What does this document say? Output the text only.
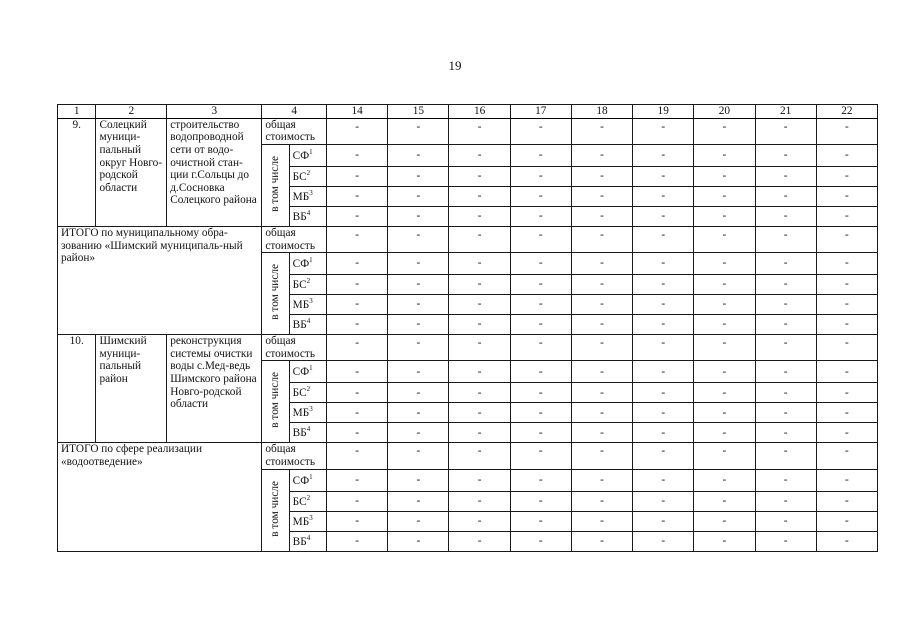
19
1	2	3	4		14	15	16	17	18	19	20	21	22
9.	Солецкий муници-пальный округ Новго-родской области	строительство водопроводной сети от водо-очистной стан-ции г.Сольцы до д.Сосновка Солецкого района	общая стоимость		-	-	-	-	-	-	-	-	-
			в том числе	$СФ^1$	-	-	-	-	-	-	-	-	-
				$БС^2$	-	-	-	-	-	-	-	-	-
				$МБ^3$	-	-	-	-	-	-	-	-	-
				$ВБ^4$	-	-	-	-	-	-	-	-	-
ИТОГО по муниципальному обра-зованию «Шимский муниципаль-ный район»			общая стоимость		-	-	-	-	-	-	-	-	-
			в том числе	$СФ^1$	-	-	-	-	-	-	-	-	-
				$БС^2$	-	-	-	-	-	-	-	-	-
				$МБ^3$	-	-	-	-	-	-	-	-	-
				$ВБ^4$	-	-	-	-	-	-	-	-	-
10.	Шимский муници-пальный район	реконструкция системы очистки воды с.Мед-ведь Шимского района Новго-родской области	общая стоимость		-	-	-	-	-	-	-	-	-
			в том числе	$СФ^1$	-	-	-	-	-	-	-	-	-
				$БС^2$	-	-	-	-	-	-	-	-	-
				$МБ^3$	-	-	-	-	-	-	-	-	-
				$ВБ^4$	-	-	-	-	-	-	-	-	-
ИТОГО по сфере реализации «водоотведение»			общая стоимость		-	-	-	-	-	-	-	-	-
			в том числе	$СФ^1$	-	-	-	-	-	-	-	-	-
				$БС^2$	-	-	-	-	-	-	-	-	-
				$МБ^3$	-	-	-	-	-	-	-	-	-
				$ВБ^4$	-	-	-	-	-	-	-	-	-
